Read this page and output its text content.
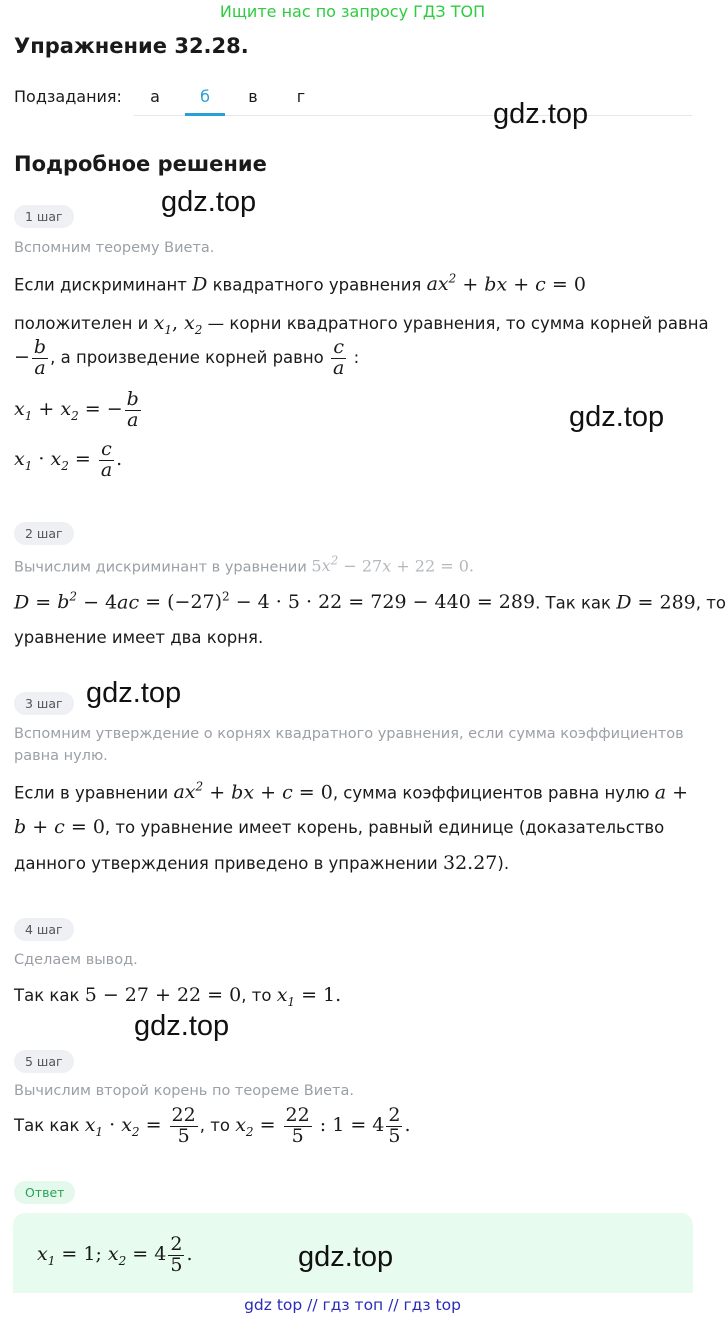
Ищите нас по запросу ГДЗ ТОП
Упражнение 32.28.
Подзадания:	а	б	в	г
gdz.top
Подробное решение
1 шаг	gdz.top
Вспомним теорему Виета.
Если дискриминант D квадратного уравнения $ax^2$ + bx + c = 0
положителен и $x_1$, $x_2$ — корни квадратного уравнения, то сумма корней равна
− $\frac{b}{a}$ , а произведение корней равно $\frac{c}{a}$ :
$x_1 + x_2$ = − $\frac{b}{a}$	gdz.top
$x_1 \cdot x_2 = \frac{c}{a}$ .
2 шаг
Вычислим дискриминант в уравнении $5x^2 - 27x + 22 = 0$.
$D = b^2 - 4ac = (-27)^2 - 4 \cdot 5 \cdot 22 = 729 - 440 = 289$. Так как D = 289, то
уравнение имеет два корня.
3 шаг gdz.top
Вспомним утверждение о корнях квадратного уравнения, если сумма коэффициентов
равна нулю.
Если в уравнении $ax^2$ + bx + c = 0, сумма коэффициентов равна нулю a +
b + c = 0, то уравнение имеет корень, равный единице (доказательство
данного утверждения приведено в упражнении 32.27).
4 шаг
Сделаем вывод.
Так как 5 − 27 + 22 = 0, то $x_1 = 1$.
gdz.top
5 шаг
Вычислим второй корень по теореме Виета.
Так как $x_1 \cdot x_2 = \frac{22}{5}$ , то $x_2 = \frac{22}{5}$ : $1 = 4 \frac{2}{5}$ .
Ответ
$x_1 = 1$; $x_2 = 4 \frac{2}{5}$ .	gdz.top
gdz top // гдз топ // гдз top
